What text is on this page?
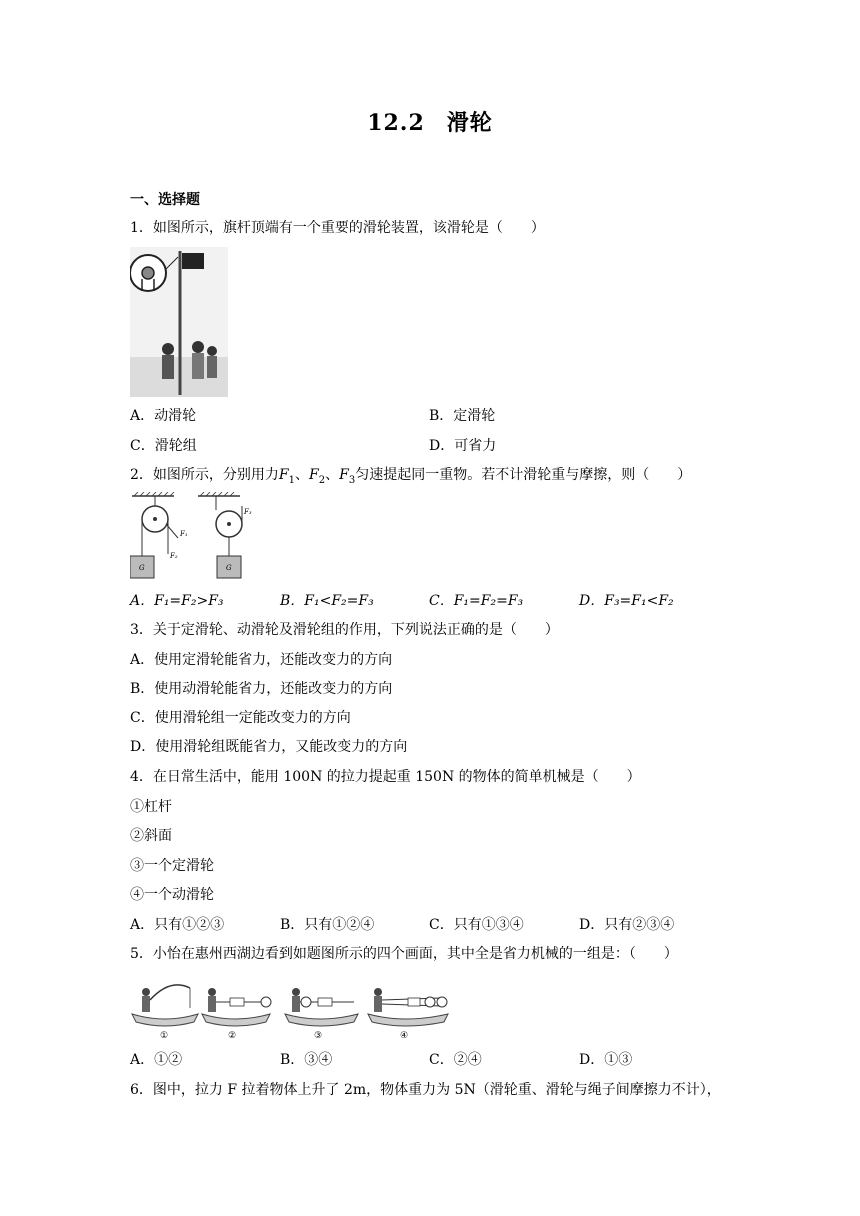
12.2 滑轮
一、选择题
1．如图所示，旗杆顶端有一个重要的滑轮装置，该滑轮是（　　）
A．动滑轮	B．定滑轮
C．滑轮组	D．可省力
2．如图所示，分别用力$F_1$、$F_2$、$F_3$匀速提起同一重物。若不计滑轮重与摩擦，则（　　）
F₁
F₂
G
F₃
G
A．F₁=F₂>F₃	B．F₁<F₂=F₃	C．F₁=F₂=F₃	D．F₃=F₁<F₂
3．关于定滑轮、动滑轮及滑轮组的作用，下列说法正确的是（　　）
A．使用定滑轮能省力，还能改变力的方向
B．使用动滑轮能省力，还能改变力的方向
C．使用滑轮组一定能改变力的方向
D．使用滑轮组既能省力，又能改变力的方向
4．在日常生活中，能用 100N 的拉力提起重 150N 的物体的简单机械是（　　）
①杠杆
②斜面
③一个定滑轮
④一个动滑轮
A．只有①②③	B．只有①②④	C．只有①③④	D．只有②③④
5．小怡在惠州西湖边看到如题图所示的四个画面，其中全是省力机械的一组是：（　　）
①	②	③	④
A．①②	B．③④	C．②④	D．①③
6．图中，拉力 F 拉着物体上升了 2m，物体重力为 5N（滑轮重、滑轮与绳子间摩擦力不计），
